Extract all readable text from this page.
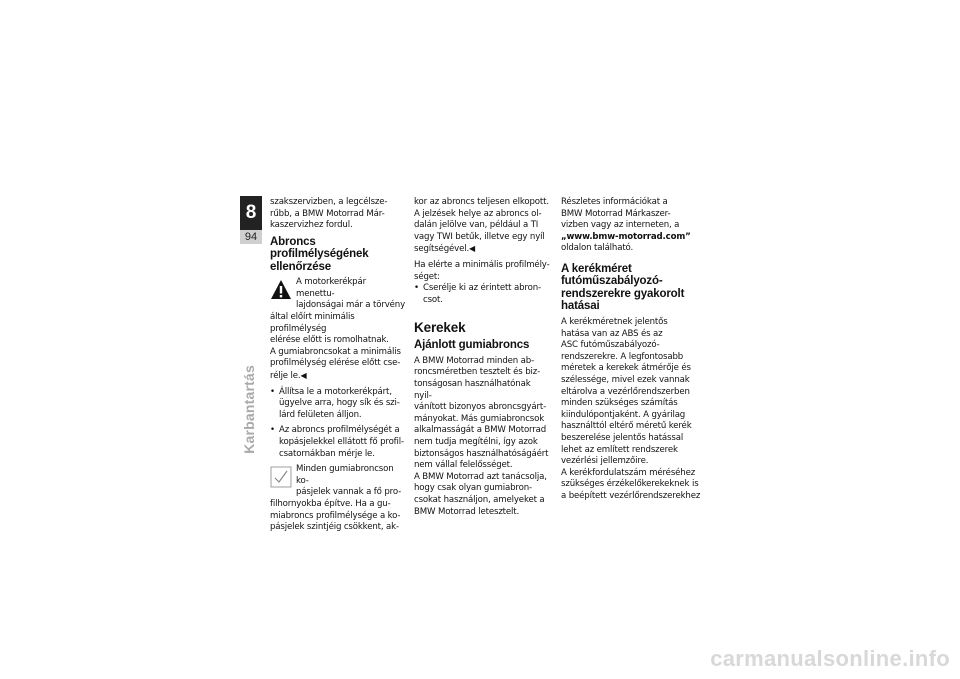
8
94
Karbantartás

szakszervizben, a legcélsze-
rűbb, a BMW Motorrad Már-
kaszervizhez fordul.

Abroncs profilmélységének ellenőrzése
A motorkerékpár menettu-
lajdonságai már a törvény

által előírt minimális profilmélység
elérése előtt is romolhatnak.
A gumiabroncsokat a minimális
profilmélység elérése előtt cse-
rélje le.◀

• Állítsa le a motorkerékpárt,
ügyelve arra, hogy sík és szi-
lárd felületen álljon.

• Az abroncs profilmélységét a
kopásjelekkel ellátott fő profil-
csatornákban mérje le.

Minden gumiabroncson ko-
pásjelek vannak a fő pro-

filhornyokba építve. Ha a gu-
miabroncs profilmélysége a ko-
pásjelek szintjéig csökkent, ak-

kor az abroncs teljesen elkopott.
A jelzések helye az abroncs ol-
dalán jelölve van, például a TI
vagy TWI betűk, illetve egy nyíl
segítségével.◀

Ha elérte a minimális profilmély-
séget:

• Cserélje ki az érintett abron-
csot.

Kerekek
Ajánlott gumiabroncs

A BMW Motorrad minden ab-
roncsméretben tesztelt és biz-
tonságosan használhatónak nyil-
vánított bizonyos abroncsgyárt-
mányokat. Más gumiabroncsok
alkalmasságát a BMW Motorrad
nem tudja megítélni, így azok
biztonságos használhatóságáért
nem vállal felelősséget.

A BMW Motorrad azt tanácsolja,
hogy csak olyan gumiabron-
csokat használjon, amelyeket a
BMW Motorrad letesztelt.

Részletes információkat a
BMW Motorrad Márkaszer-
vizben vagy az interneten, a
„www.bmw-motorrad.com”
oldalon található.

A kerékméret futóműszabályozó-rendszerekre gyakorolt hatásai

A kerékméretnek jelentős
hatása van az ABS és az
ASC futóműszabályozó-
rendszerekre. A legfontosabb
méretek a kerekek átmérője és
szélessége, mivel ezek vannak
eltárolva a vezérlőrendszerben
minden szükséges számítás
kiindulópontjaként. A gyárilag
használttól eltérő méretű kerék
beszerelése jelentős hatással
lehet az említett rendszerek
vezérlési jellemzőire.

A kerékfordulatszám méréséhez
szükséges érzékelőkerekeknek is
a beépített vezérlőrendszerekhez

carmanualsonline.info
